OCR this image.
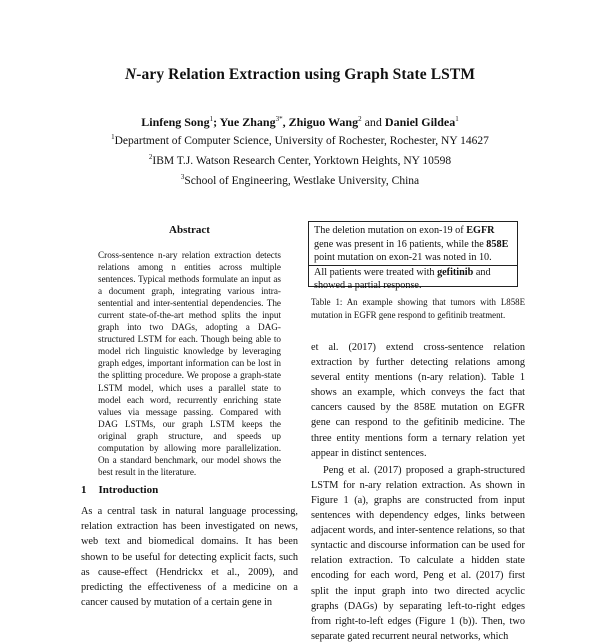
N-ary Relation Extraction using Graph State LSTM
Linfeng Song$^1$; Yue Zhang$^{3*}$, Zhiguo Wang$^2$ and Daniel Gildea$^1$
$^1$Department of Computer Science, University of Rochester, Rochester, NY 14627
$^2$IBM T.J. Watson Research Center, Yorktown Heights, NY 10598
$^3$School of Engineering, Westlake University, China
Abstract

Cross-sentence n-ary relation extraction detects relations among n entities across multiple sentences. Typical methods formulate an input as a document graph, integrating various intra-sentential and inter-sentential dependencies. The current state-of-the-art method splits the input graph into two DAGs, adopting a DAG-structured LSTM for each. Though being able to model rich linguistic knowledge by leveraging graph edges, important information can be lost in the splitting procedure. We propose a graph-state LSTM model, which uses a parallel state to model each word, recurrently enriching state values via message passing. Compared with DAG LSTMs, our graph LSTM keeps the original graph structure, and speeds up computation by allowing more parallelization. On a standard benchmark, our model shows the best result in the literature.

1 Introduction

As a central task in natural language processing, relation extraction has been investigated on news, web text and biomedical domains. It has been shown to be useful for detecting explicit facts, such as cause-effect (Hendrickx et al., 2009), and predicting the effectiveness of a medicine on a cancer caused by mutation of a certain gene in

The deletion mutation on exon-19 of EGFR gene was present in 16 patients, while the 858E point mutation on exon-21 was noted in 10.

All patients were treated with gefitinib and showed a partial response.

Table 1: An example showing that tumors with L858E mutation in EGFR gene respond to gefitinib treatment.

et al. (2017) extend cross-sentence relation extraction by further detecting relations among several entity mentions (n-ary relation). Table 1 shows an example, which conveys the fact that cancers caused by the 858E mutation on EGFR gene can respond to the gefitinib medicine. The three entity mentions form a ternary relation yet appear in distinct sentences.

Peng et al. (2017) proposed a graph-structured LSTM for n-ary relation extraction. As shown in Figure 1 (a), graphs are constructed from input sentences with dependency edges, links between adjacent words, and inter-sentence relations, so that syntactic and discourse information can be used for relation extraction. To calculate a hidden state encoding for each word, Peng et al. (2017) first split the input graph into two directed acyclic graphs (DAGs) by separating left-to-right edges from right-to-left edges (Figure 1 (b)). Then, two separate gated recurrent neural networks, which
